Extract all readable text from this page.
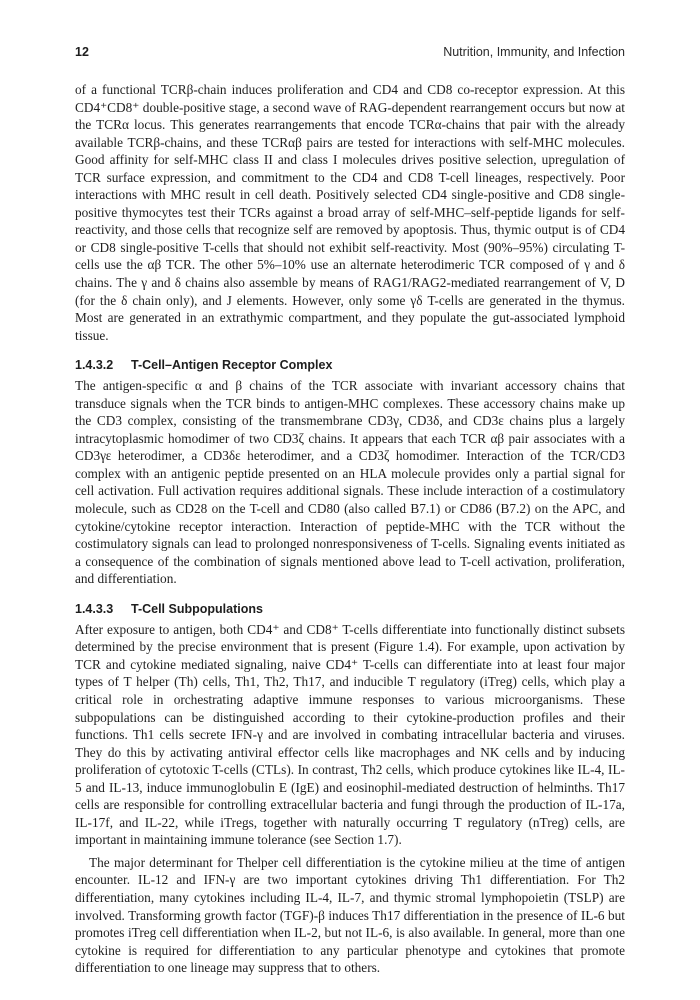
12	Nutrition, Immunity, and Infection

of a functional TCRβ-chain induces proliferation and CD4 and CD8 co-receptor expression. At this CD4⁺CD8⁺ double-positive stage, a second wave of RAG-dependent rearrangement occurs but now at the TCRα locus. This generates rearrangements that encode TCRα-chains that pair with the already available TCRβ-chains, and these TCRαβ pairs are tested for interactions with self-MHC molecules. Good affinity for self-MHC class II and class I molecules drives positive selection, upregulation of TCR surface expression, and commitment to the CD4 and CD8 T-cell lineages, respectively. Poor interactions with MHC result in cell death. Positively selected CD4 single-positive and CD8 single-positive thymocytes test their TCRs against a broad array of self-MHC–self-peptide ligands for self-reactivity, and those cells that recognize self are removed by apoptosis. Thus, thymic output is of CD4 or CD8 single-positive T-cells that should not exhibit self-reactivity. Most (90%–95%) circulating T-cells use the αβ TCR. The other 5%–10% use an alternate heterodimeric TCR composed of γ and δ chains. The γ and δ chains also assemble by means of RAG1/RAG2-mediated rearrangement of V, D (for the δ chain only), and J elements. However, only some γδ T-cells are generated in the thymus. Most are generated in an extrathymic compartment, and they populate the gut-associated lymphoid tissue.

1.4.3.2 T-Cell–Antigen Receptor Complex

The antigen-specific α and β chains of the TCR associate with invariant accessory chains that transduce signals when the TCR binds to antigen-MHC complexes. These accessory chains make up the CD3 complex, consisting of the transmembrane CD3γ, CD3δ, and CD3ε chains plus a largely intracytoplasmic homodimer of two CD3ζ chains. It appears that each TCR αβ pair associates with a CD3γε heterodimer, a CD3δε heterodimer, and a CD3ζ homodimer. Interaction of the TCR/CD3 complex with an antigenic peptide presented on an HLA molecule provides only a partial signal for cell activation. Full activation requires additional signals. These include interaction of a costimulatory molecule, such as CD28 on the T-cell and CD80 (also called B7.1) or CD86 (B7.2) on the APC, and cytokine/cytokine receptor interaction. Interaction of peptide-MHC with the TCR without the costimulatory signals can lead to prolonged nonresponsiveness of T-cells. Signaling events initiated as a consequence of the combination of signals mentioned above lead to T-cell activation, proliferation, and differentiation.

1.4.3.3 T-Cell Subpopulations

After exposure to antigen, both CD4⁺ and CD8⁺ T-cells differentiate into functionally distinct subsets determined by the precise environment that is present (Figure 1.4). For example, upon activation by TCR and cytokine mediated signaling, naive CD4⁺ T-cells can differentiate into at least four major types of T helper (Th) cells, Th1, Th2, Th17, and inducible T regulatory (iTreg) cells, which play a critical role in orchestrating adaptive immune responses to various microorganisms. These subpopulations can be distinguished according to their cytokine-production profiles and their functions. Th1 cells secrete IFN-γ and are involved in combating intracellular bacteria and viruses. They do this by activating antiviral effector cells like macrophages and NK cells and by inducing proliferation of cytotoxic T-cells (CTLs). In contrast, Th2 cells, which produce cytokines like IL-4, IL-5 and IL-13, induce immunoglobulin E (IgE) and eosinophil-mediated destruction of helminths. Th17 cells are responsible for controlling extracellular bacteria and fungi through the production of IL-17a, IL-17f, and IL-22, while iTregs, together with naturally occurring T regulatory (nTreg) cells, are important in maintaining immune tolerance (see Section 1.7).

The major determinant for Thelper cell differentiation is the cytokine milieu at the time of antigen encounter. IL-12 and IFN-γ are two important cytokines driving Th1 differentiation. For Th2 differentiation, many cytokines including IL-4, IL-7, and thymic stromal lymphopoietin (TSLP) are involved. Transforming growth factor (TGF)-β induces Th17 differentiation in the presence of IL-6 but promotes iTreg cell differentiation when IL-2, but not IL-6, is also available. In general, more than one cytokine is required for differentiation to any particular phenotype and cytokines that promote differentiation to one lineage may suppress that to others.
